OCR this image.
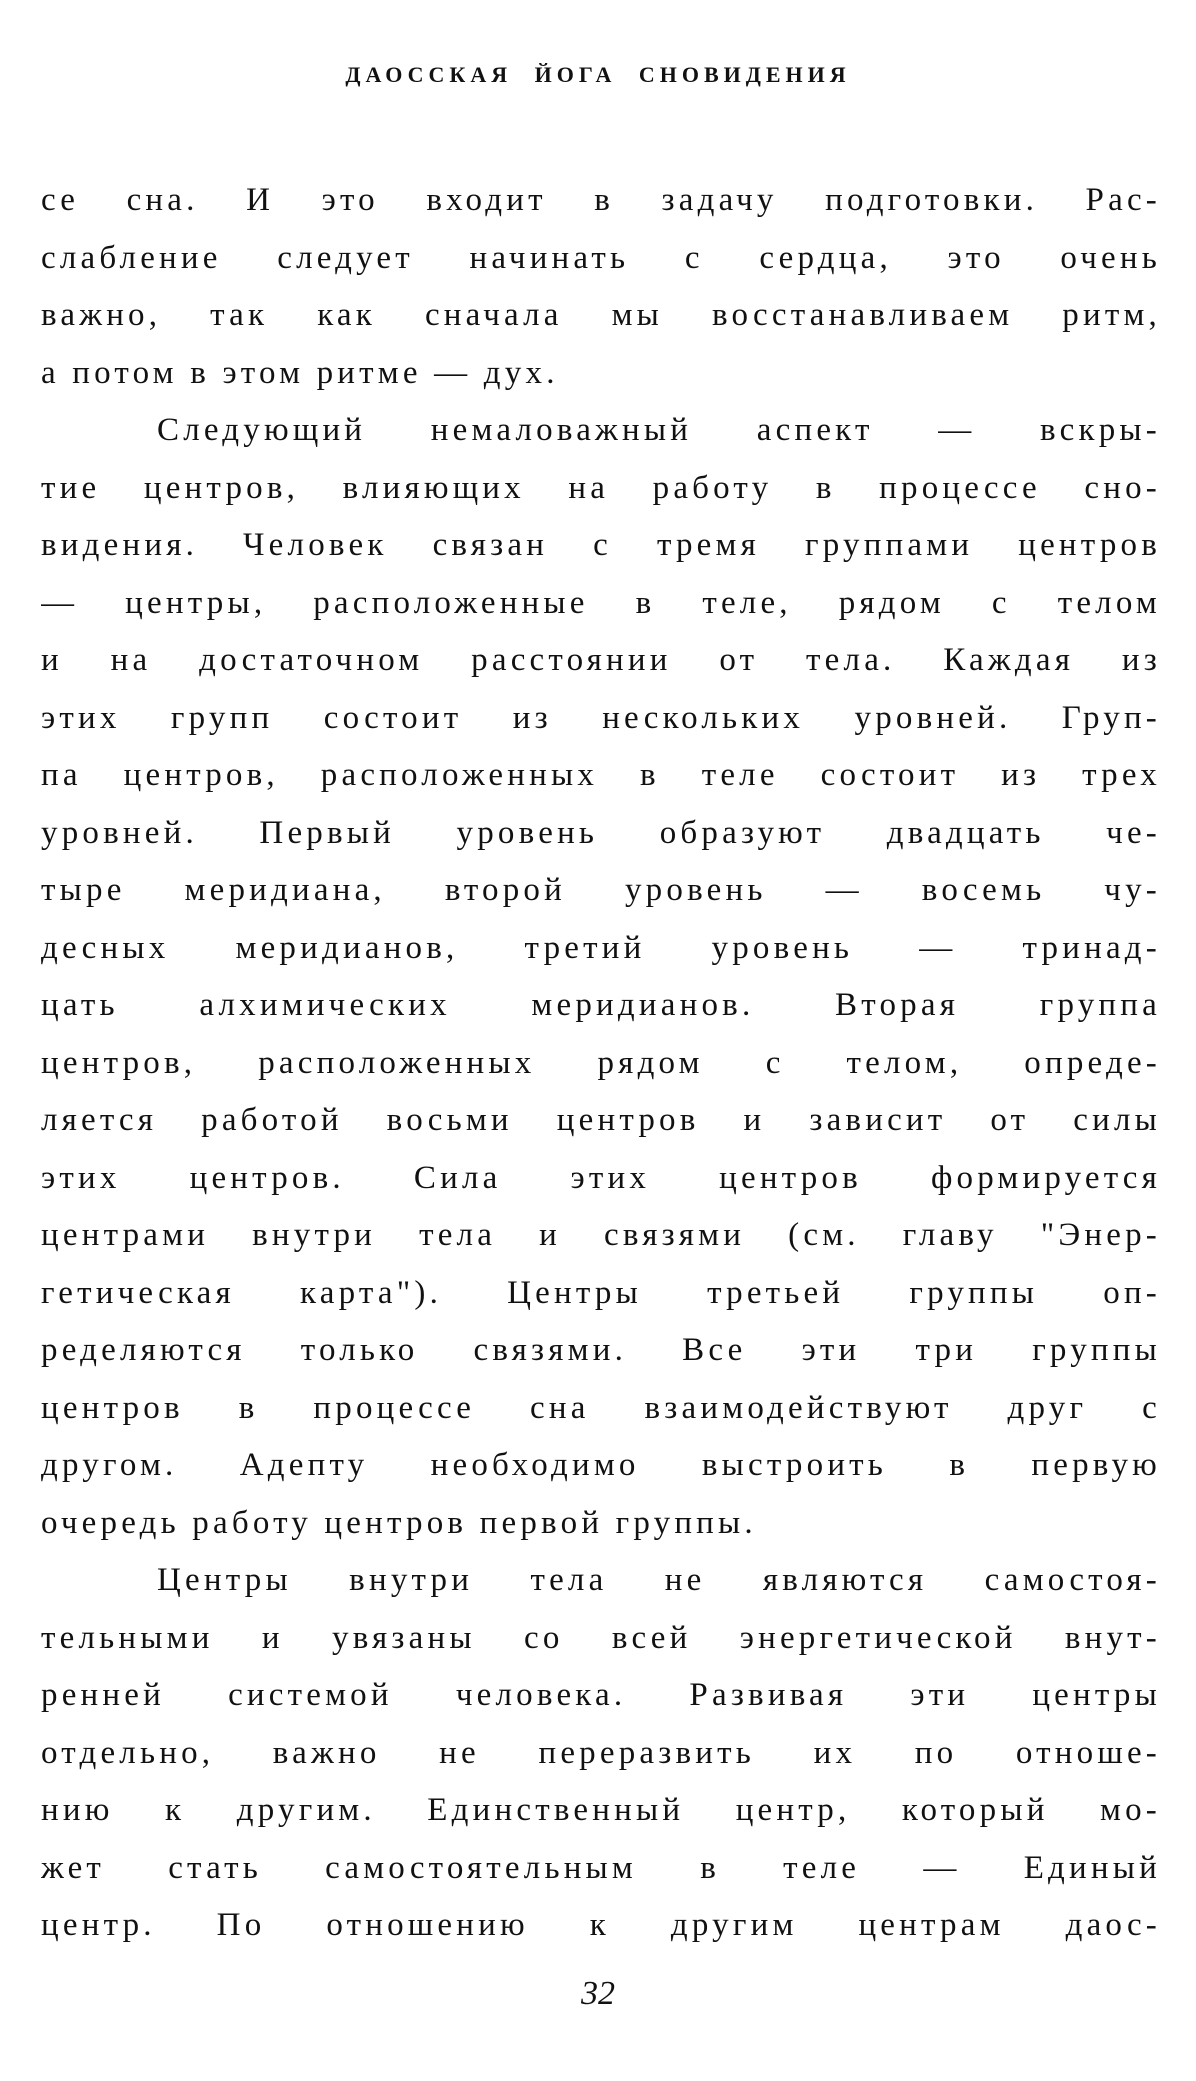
ДАОССКАЯ ЙОГА СНОВИДЕНИЯ
се сна. И это входит в задачу подготовки. Рас-
слабление следует начинать с сердца, это очень
важно, так как сначала мы восстанавливаем ритм,
а потом в этом ритме — дух.
Следующий немаловажный аспект — вскры-
тие центров, влияющих на работу в процессе сно-
видения. Человек связан с тремя группами центров
— центры, расположенные в теле, рядом с телом
и на достаточном расстоянии от тела. Каждая из
этих групп состоит из нескольких уровней. Груп-
па центров, расположенных в теле состоит из трех
уровней. Первый уровень образуют двадцать че-
тыре меридиана, второй уровень — восемь чу-
десных меридианов, третий уровень — тринад-
цать алхимических меридианов. Вторая группа
центров, расположенных рядом с телом, опреде-
ляется работой восьми центров и зависит от силы
этих центров. Сила этих центров формируется
центрами внутри тела и связями (см. главу "Энер-
гетическая карта"). Центры третьей группы оп-
ределяются только связями. Все эти три группы
центров в процессе сна взаимодействуют друг с
другом. Адепту необходимо выстроить в первую
очередь работу центров первой группы.
Центры внутри тела не являются самостоя-
тельными и увязаны со всей энергетической внут-
ренней системой человека. Развивая эти центры
отдельно, важно не переразвить их по отноше-
нию к другим. Единственный центр, который мо-
жет стать самостоятельным в теле — Единый
центр. По отношению к другим центрам даос-
32
